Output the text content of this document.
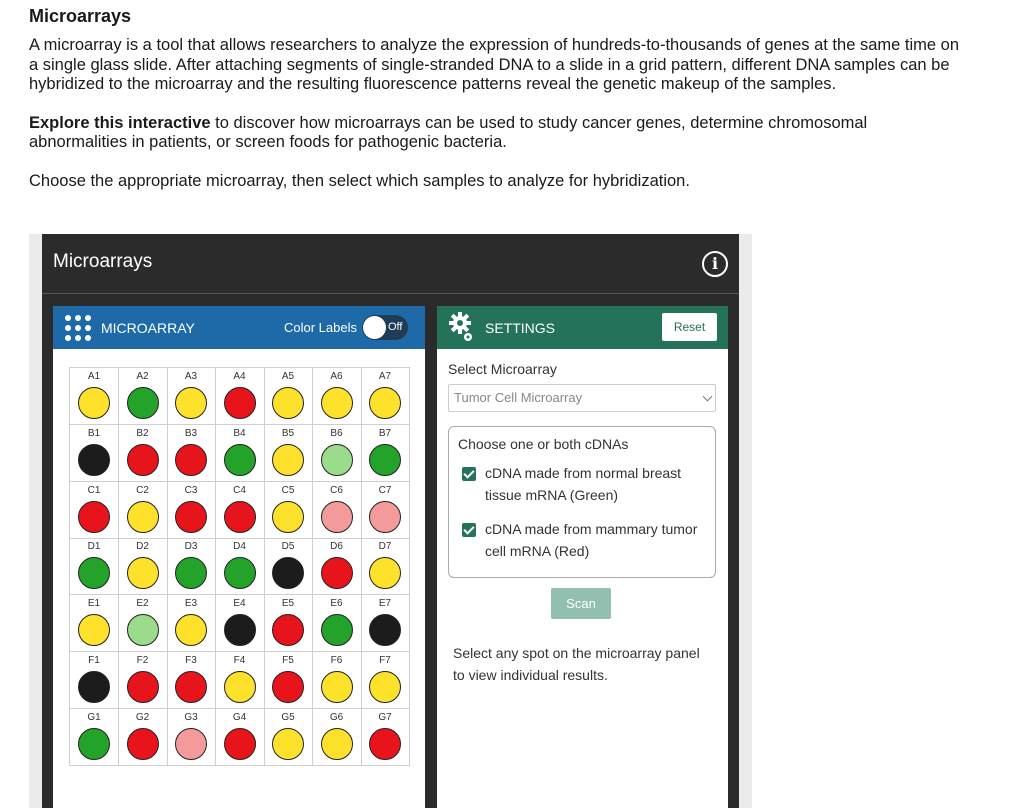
Microarrays

A microarray is a tool that allows researchers to analyze the expression of hundreds-to-thousands of genes at the same time on a single glass slide. After attaching segments of single-stranded DNA to a slide in a grid pattern, different DNA samples can be hybridized to the microarray and the resulting fluorescence patterns reveal the genetic makeup of the samples.

Explore this interactive to discover how microarrays can be used to study cancer genes, determine chromosomal abnormalities in patients, or screen foods for pathogenic bacteria.

Choose the appropriate microarray, then select which samples to analyze for hybridization.

Microarrays	i
MICROARRAY	Color Labels	Off
A1	A2	A3	A4	A5	A6	A7
B1	B2	B3	B4	B5	B6	B7
C1	C2	C3	C4	C5	C6	C7
D1	D2	D3	D4	D5	D6	D7
E1	E2	E3	E4	E5	E6	E7
F1	F2	F3	F4	F5	F6	F7
G1	G2	G3	G4	G5	G6	G7
SETTINGS	Reset
Select Microarray
Tumor Cell Microarray
Choose one or both cDNAs
cDNA made from normal breast tissue mRNA (Green)
cDNA made from mammary tumor cell mRNA (Red)
Scan
Select any spot on the microarray panel to view individual results.
